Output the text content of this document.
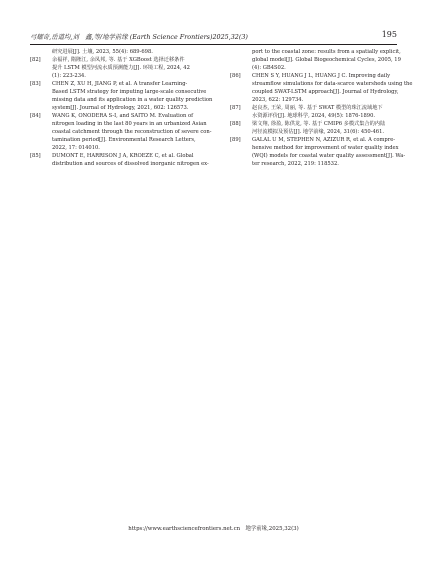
弓耀奇,岳道均,刘　鑫,等/地学前缘 (Earth Science Frontiers)2025,32(3)	195
研究进展[J]. 土壤, 2023, 55(4): 689-698.
[82] 余福祥, 隋隆江, 余凤邦, 等. 基于 XGBoost 选择迁移条件
提升 LSTM 模型河流水质预测能力[J]. 环境工程, 2024, 42
(1): 223-234.
[83] CHEN Z, XU H, JIANG P, et al. A transfer Learning-
Based LSTM strategy for imputing large-scale consecutive
missing data and its application in a water quality prediction
system[J]. Journal of Hydrology, 2021, 602: 126573.
[84] WANG K, ONODERA S-I, and SAITO M. Evaluation of
nitrogen loading in the last 80 years in an urbanized Asian
coastal catchment through the reconstruction of severe con-
tamination period[J]. Environmental Research Letters,
2022, 17: 014010.
[85] DUMONT E, HARRISON J A, KROEZE C, et al. Global
distribution and sources of dissolved inorganic nitrogen ex-
port to the coastal zone: results from a spatially explicit,
global model[J]. Global Biogeochemical Cycles, 2005, 19
(4): GB4S02.
[86] CHEN S Y, HUANG J L, HUANG J C. Improving daily
streamflow simulations for data-scarce watersheds using the
coupled SWAT-LSTM approach[J]. Journal of Hydrology,
2023, 622: 129734.
[87] 赵良杰, 王荣, 周丽, 等. 基于 SWAT 模型的珠江流域地下
水资源评价[J]. 地球科学, 2024, 49(5): 1876-1890.
[88] 梁文翔, 徐盈, 陈供龙, 等. 基于 CMIP6 多模式集合的内陆
河径流模拟及预估[J]. 地学前缘, 2024, 31(6): 450-461.
[89] GALAL U M, STEPHEN N, AZIZUR R, et al. A compre-
hensive method for improvement of water quality index
(WQI) models for coastal water quality assessment[J]. Wa-
ter research, 2022, 219: 118532.
https://www.earthsciencefrontiers.net.cn　地学前缘,2025,32(3)
